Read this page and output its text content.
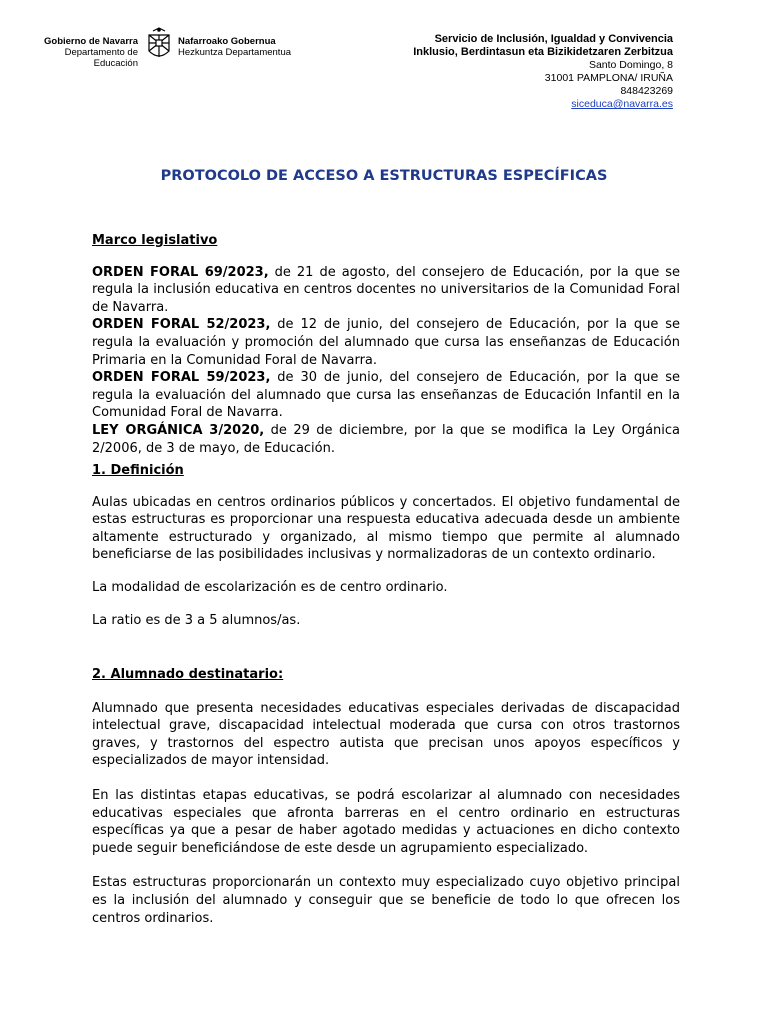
Gobierno de Navarra
Departamento de Educación
Nafarroako Gobernua
Hezkuntza Departamentua
Servicio de Inclusión, Igualdad y Convivencia
Inklusio, Berdintasun eta Bizikidetzaren Zerbitzua
Santo Domingo, 8
31001 PAMPLONA/ IRUÑA
848423269
siceduca@navarra.es
PROTOCOLO DE ACCESO A ESTRUCTURAS ESPECÍFICAS

Marco legislativo

ORDEN FORAL 69/2023, de 21 de agosto, del consejero de Educación, por la que se regula la inclusión educativa en centros docentes no universitarios de la Comunidad Foral de Navarra.

ORDEN FORAL 52/2023, de 12 de junio, del consejero de Educación, por la que se regula la evaluación y promoción del alumnado que cursa las enseñanzas de Educación Primaria en la Comunidad Foral de Navarra.

ORDEN FORAL 59/2023, de 30 de junio, del consejero de Educación, por la que se regula la evaluación del alumnado que cursa las enseñanzas de Educación Infantil en la Comunidad Foral de Navarra.

LEY ORGÁNICA 3/2020, de 29 de diciembre, por la que se modifica la Ley Orgánica 2/2006, de 3 de mayo, de Educación.

1. Definición

Aulas ubicadas en centros ordinarios públicos y concertados. El objetivo fundamental de estas estructuras es proporcionar una respuesta educativa adecuada desde un ambiente altamente estructurado y organizado, al mismo tiempo que permite al alumnado beneficiarse de las posibilidades inclusivas y normalizadoras de un contexto ordinario.

La modalidad de escolarización es de centro ordinario.

La ratio es de 3 a 5 alumnos/as.

2. Alumnado destinatario:

Alumnado que presenta necesidades educativas especiales derivadas de discapacidad intelectual grave, discapacidad intelectual moderada que cursa con otros trastornos graves, y trastornos del espectro autista que precisan unos apoyos específicos y especializados de mayor intensidad.

En las distintas etapas educativas, se podrá escolarizar al alumnado con necesidades educativas especiales que afronta barreras en el centro ordinario en estructuras específicas ya que a pesar de haber agotado medidas y actuaciones en dicho contexto puede seguir beneficiándose de este desde un agrupamiento especializado.

Estas estructuras proporcionarán un contexto muy especializado cuyo objetivo principal es la inclusión del alumnado y conseguir que se beneficie de todo lo que ofrecen los centros ordinarios.
